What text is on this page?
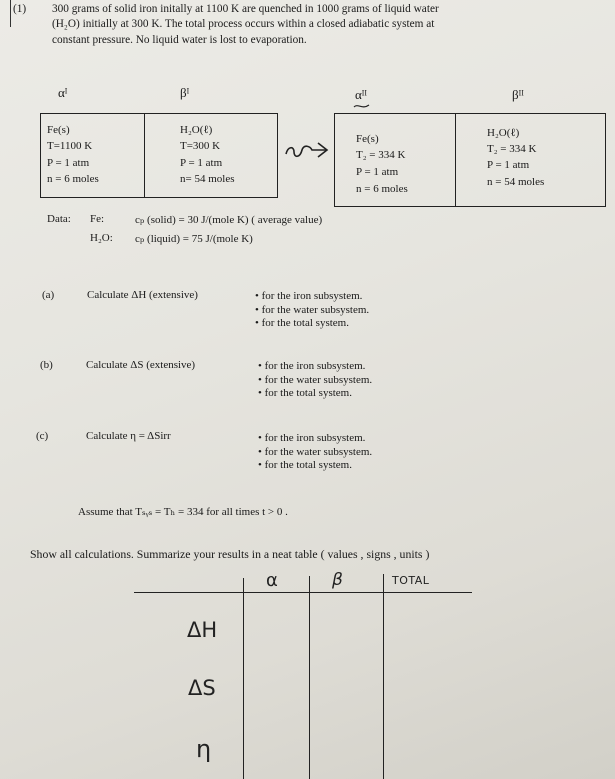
(1) 300 grams of solid iron initally at 1100 K are quenched in 1000 grams of liquid water
(H₂O) initially at 300 K. The total process occurs within a closed adiabatic system at
constant pressure. No liquid water is lost to evaporation.
αᴵ	βᴵ
Fe(s)
T=1100 K
P = 1 atm
n = 6 moles
H₂O(ℓ)
T=300 K
P = 1 atm
n= 54 moles
αᴵᴵ	βᴵᴵ
Fe(s)
T₂ = 334 K
P = 1 atm
n = 6 moles
H₂O(ℓ)
T₂ = 334 K
P = 1 atm
n = 54 moles
Data: Fe:	cₚ (solid) = 30 J/(mole K) ( average value)
H₂O: cₚ (liquid) = 75 J/(mole K)
(a)	Calculate ΔH (extensive)	• for the iron subsystem.
• for the water subsystem.
• for the total system.
(b)	Calculate ΔS (extensive)	• for the iron subsystem.
• for the water subsystem.
• for the total system.
(c)	Calculate η = ΔSirr	• for the iron subsystem.
• for the water subsystem.
• for the total system.
Assume that Tₛᵧₛ = Tₕ = 334 for all times t > 0 .
Show all calculations. Summarize your results in a neat table ( values , signs , units )
⍺	β	TOTAL
ΔH
ΔS
η
